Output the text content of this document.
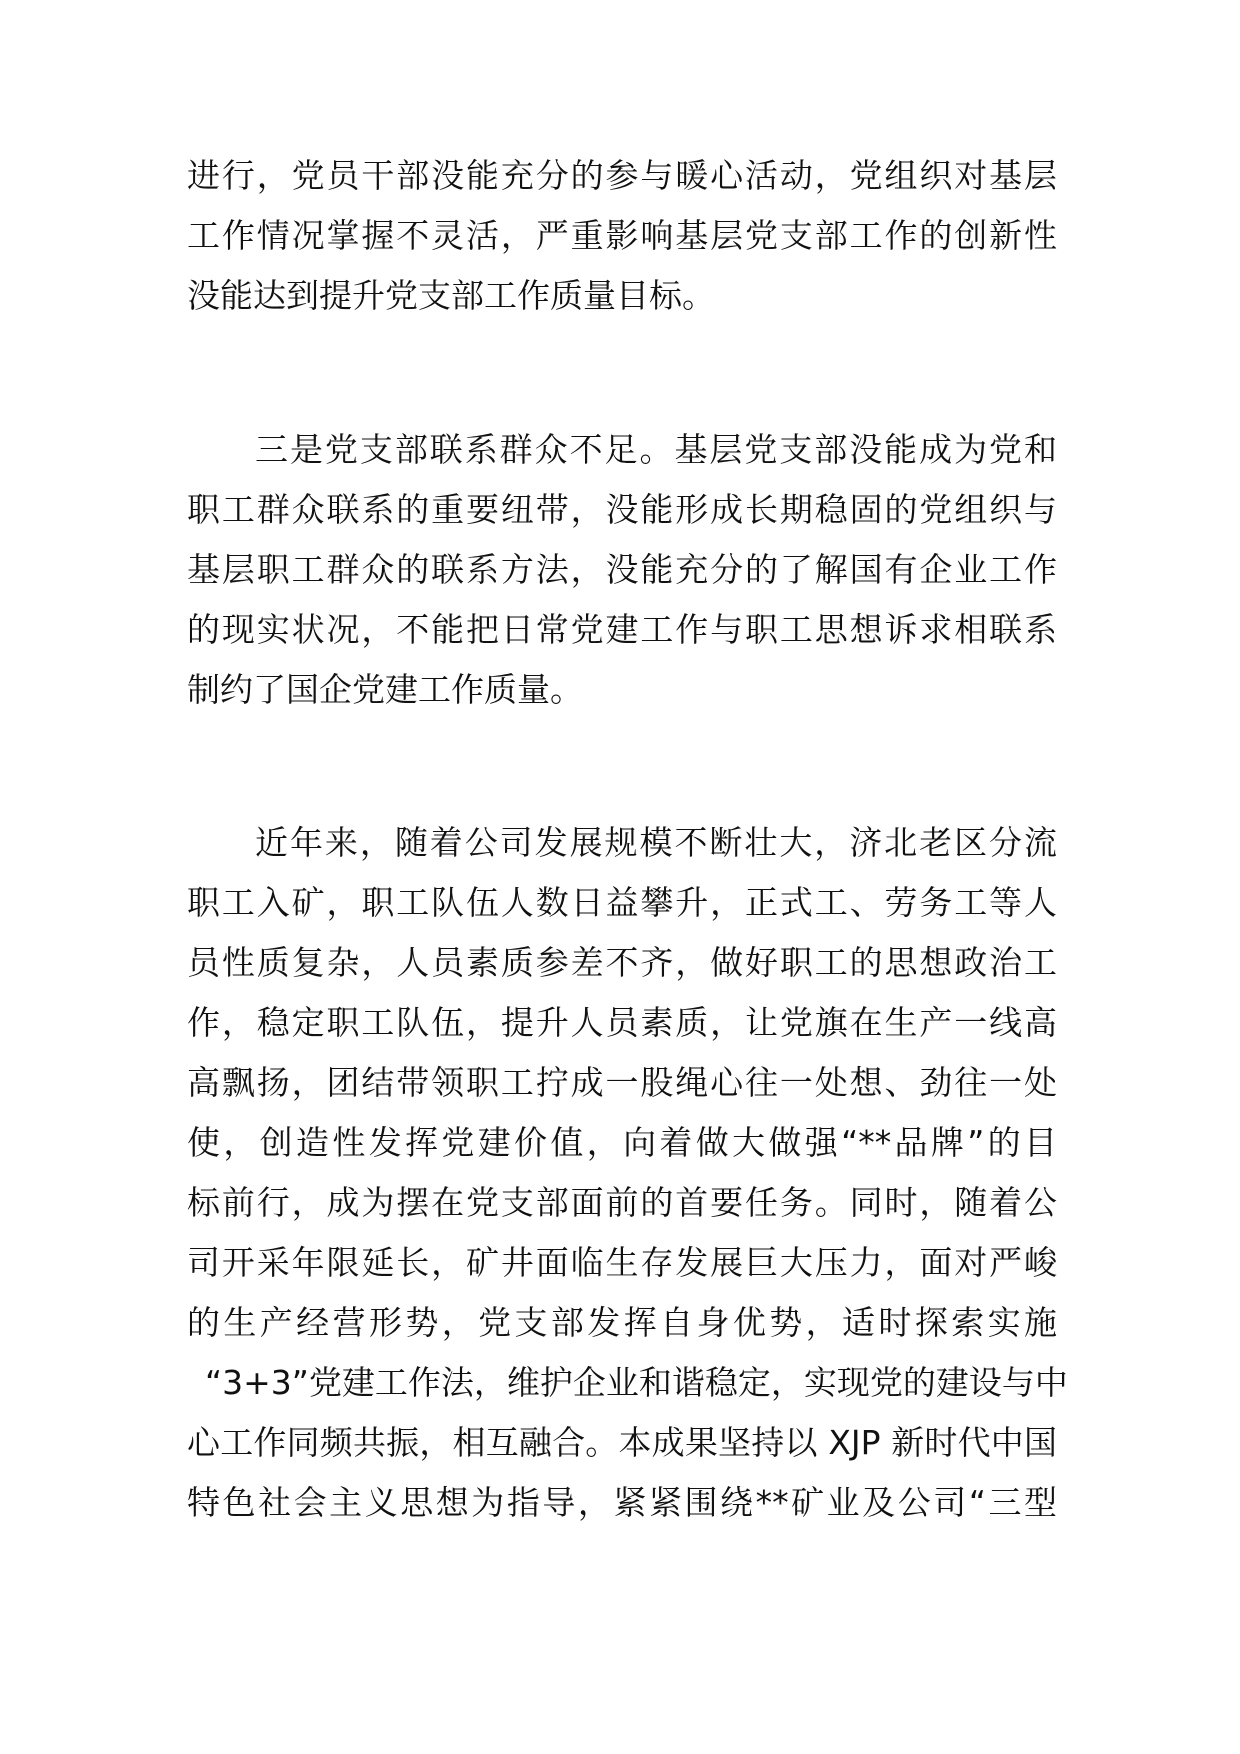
进行，党员干部没能充分的参与暖心活动，党组织对基层
工作情况掌握不灵活，严重影响基层党支部工作的创新性
没能达到提升党支部工作质量目标。
三是党支部联系群众不足。基层党支部没能成为党和
职工群众联系的重要纽带，没能形成长期稳固的党组织与
基层职工群众的联系方法，没能充分的了解国有企业工作
的现实状况，不能把日常党建工作与职工思想诉求相联系
制约了国企党建工作质量。
近年来，随着公司发展规模不断壮大，济北老区分流
职工入矿，职工队伍人数日益攀升，正式工、劳务工等人
员性质复杂，人员素质参差不齐，做好职工的思想政治工
作，稳定职工队伍，提升人员素质，让党旗在生产一线高
高飘扬，团结带领职工拧成一股绳心往一处想、劲往一处
使，创造性发挥党建价值，向着做大做强“**品牌”的目
标前行，成为摆在党支部面前的首要任务。同时，随着公
司开采年限延长，矿井面临生存发展巨大压力，面对严峻
的生产经营形势，党支部发挥自身优势，适时探索实施
“3+3”党建工作法，维护企业和谐稳定，实现党的建设与中
心工作同频共振，相互融合。本成果坚持以 XJP 新时代中国
特色社会主义思想为指导，紧紧围绕**矿业及公司“三型
